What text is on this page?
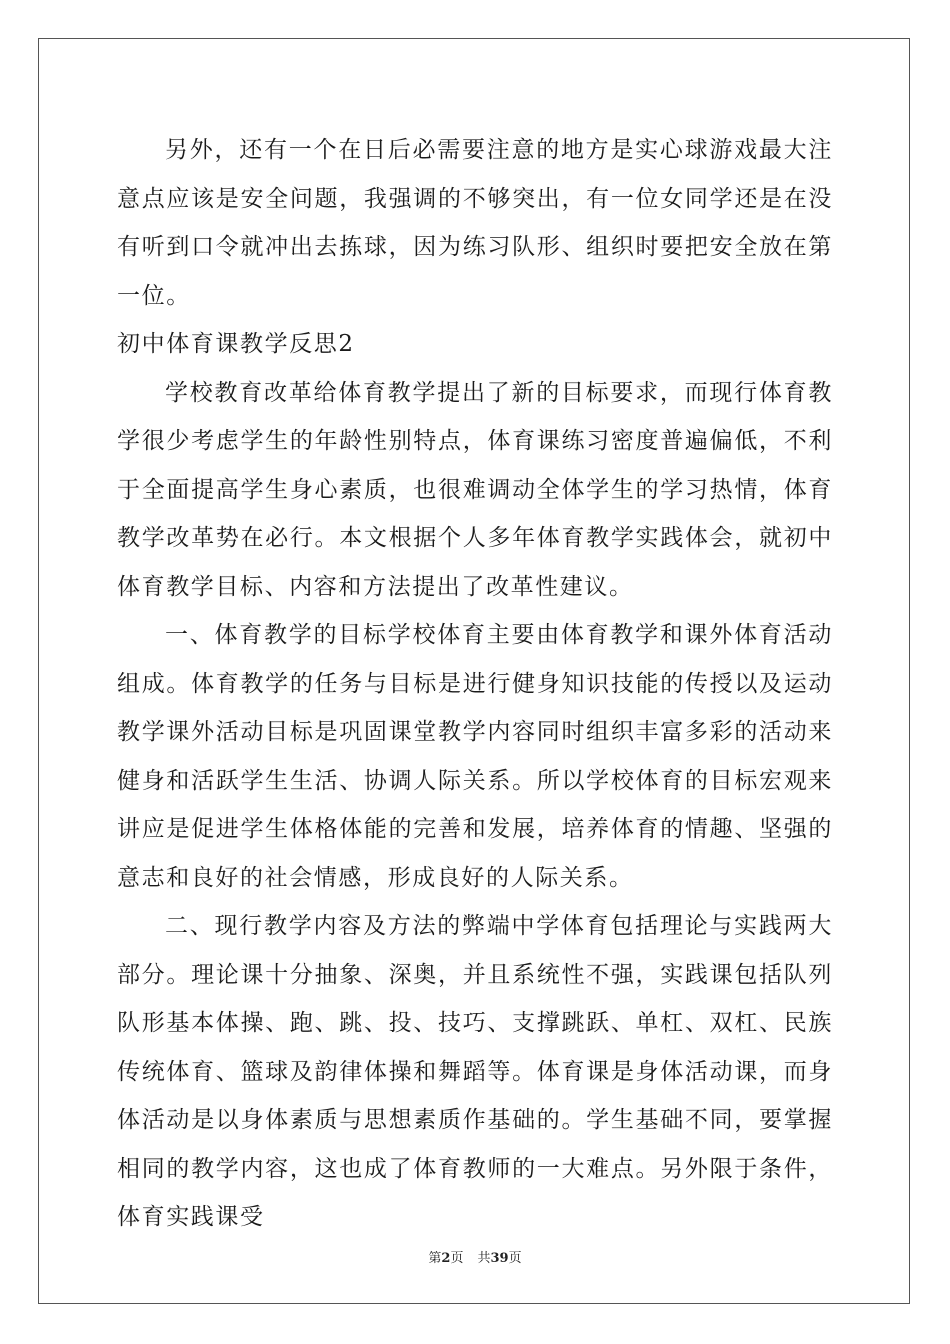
另外，还有一个在日后必需要注意的地方是实心球游戏最大注意点应该是安全问题，我强调的不够突出，有一位女同学还是在没有听到口令就冲出去拣球，因为练习队形、组织时要把安全放在第一位。

初中体育课教学反思2

学校教育改革给体育教学提出了新的目标要求，而现行体育教学很少考虑学生的年龄性别特点，体育课练习密度普遍偏低，不利于全面提高学生身心素质，也很难调动全体学生的学习热情，体育教学改革势在必行。本文根据个人多年体育教学实践体会，就初中体育教学目标、内容和方法提出了改革性建议。

一、体育教学的目标学校体育主要由体育教学和课外体育活动组成。体育教学的任务与目标是进行健身知识技能的传授以及运动教学课外活动目标是巩固课堂教学内容同时组织丰富多彩的活动来健身和活跃学生生活、协调人际关系。所以学校体育的目标宏观来讲应是促进学生体格体能的完善和发展，培养体育的情趣、坚强的意志和良好的社会情感，形成良好的人际关系。

二、现行教学内容及方法的弊端中学体育包括理论与实践两大部分。理论课十分抽象、深奥，并且系统性不强，实践课包括队列队形基本体操、跑、跳、投、技巧、支撑跳跃、单杠、双杠、民族传统体育、篮球及韵律体操和舞蹈等。体育课是身体活动课，而身体活动是以身体素质与思想素质作基础的。学生基础不同，要掌握相同的教学内容，这也成了体育教师的一大难点。另外限于条件，体育实践课受

第2页 共39页
